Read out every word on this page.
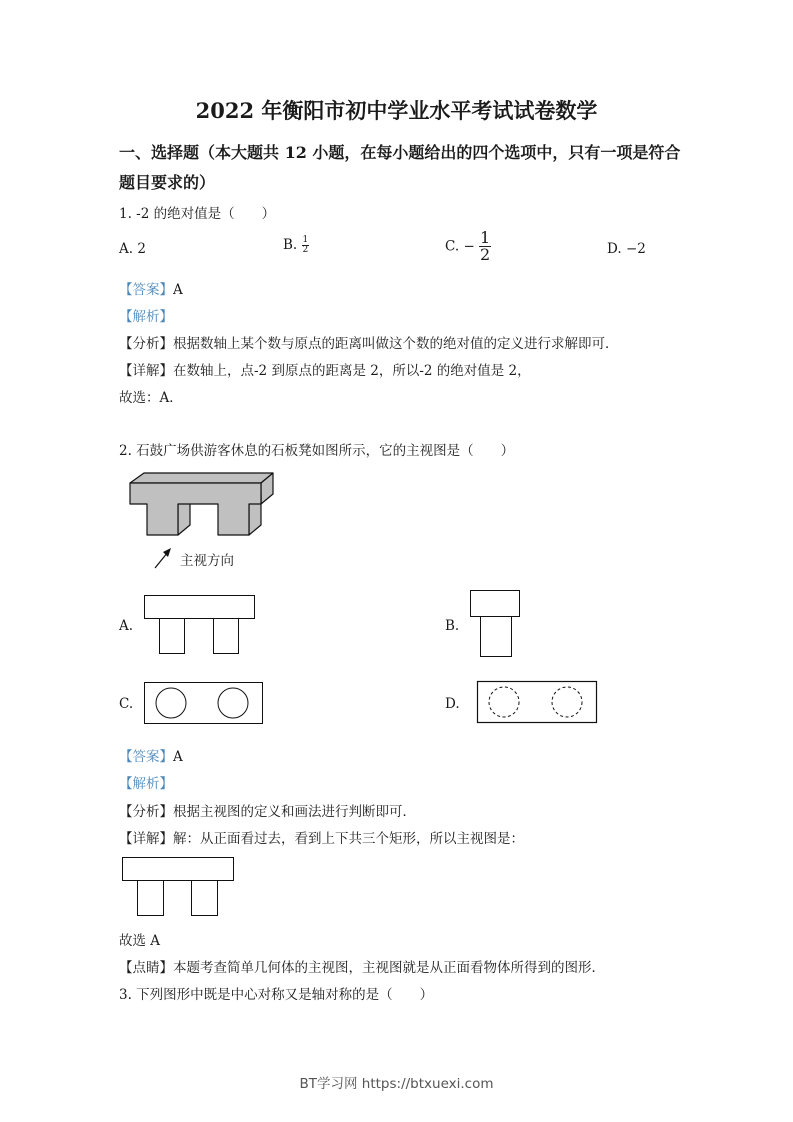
2022 年衡阳市初中学业水平考试试卷数学
一、选择题（本大题共 12 小题，在每小题给出的四个选项中，只有一项是符合
题目要求的）
1. -2 的绝对值是（　　）
A. 2	B. $\frac{1}{2}$	C. − $\frac{1}{2}$	D. −2
【答案】A
【解析】
【分析】根据数轴上某个数与原点的距离叫做这个数的绝对值的定义进行求解即可．
【详解】在数轴上，点-2 到原点的距离是 2，所以-2 的绝对值是 2，
故选：A．
2. 石鼓广场供游客休息的石板凳如图所示，它的主视图是（　　）
主视方向
A.	B.
C.	D.
【答案】A
【解析】
【分析】根据主视图的定义和画法进行判断即可．
【详解】解：从正面看过去，看到上下共三个矩形，所以主视图是：
故选 A
【点睛】本题考查简单几何体的主视图，主视图就是从正面看物体所得到的图形．
3. 下列图形中既是中心对称又是轴对称的是（　　）
BT学习网 https://btxuexi.com
